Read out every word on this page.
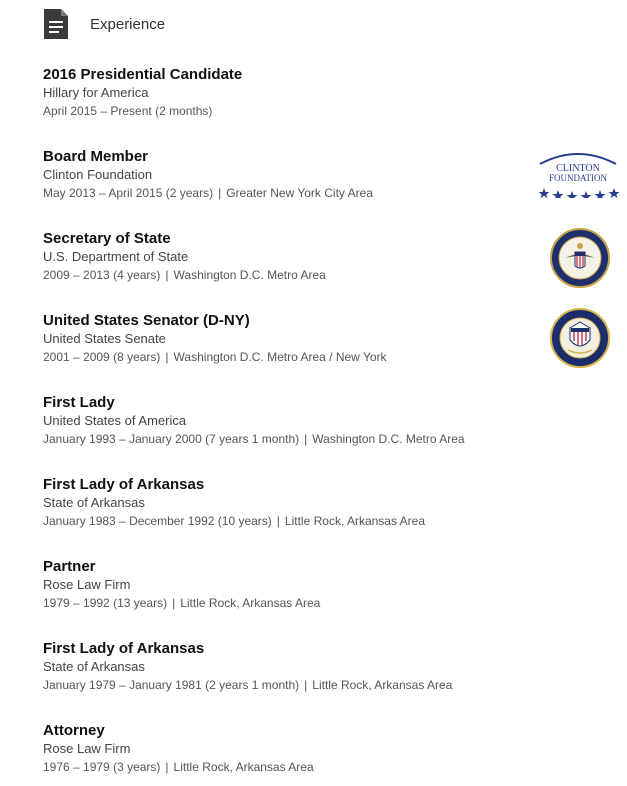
Experience
2016 Presidential Candidate
Hillary for America
April 2015 – Present (2 months)
Board Member
Clinton Foundation
May 2013 – April 2015 (2 years) | Greater New York City Area
Secretary of State
U.S. Department of State
2009 – 2013 (4 years) | Washington D.C. Metro Area
United States Senator (D-NY)
United States Senate
2001 – 2009 (8 years) | Washington D.C. Metro Area / New York
First Lady
United States of America
January 1993 – January 2000 (7 years 1 month) | Washington D.C. Metro Area
First Lady of Arkansas
State of Arkansas
January 1983 – December 1992 (10 years) | Little Rock, Arkansas Area
Partner
Rose Law Firm
1979 – 1992 (13 years) | Little Rock, Arkansas Area
First Lady of Arkansas
State of Arkansas
January 1979 – January 1981 (2 years 1 month) | Little Rock, Arkansas Area
Attorney
Rose Law Firm
1976 – 1979 (3 years) | Little Rock, Arkansas Area
CLINTON
FOUNDATION
